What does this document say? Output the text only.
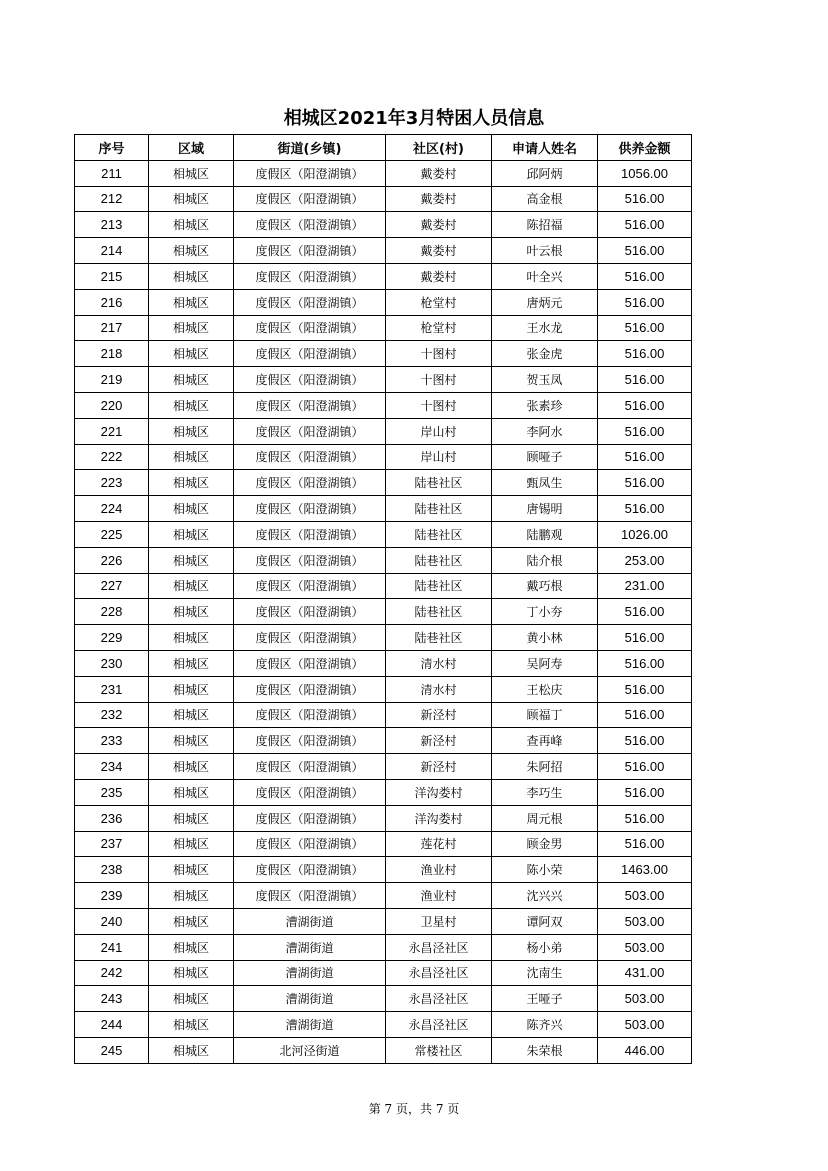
相城区2021年3月特困人员信息
序号	区域	街道(乡镇)	社区(村)	申请人姓名	供养金额
211	相城区	度假区（阳澄湖镇）	戴娄村	邱阿炳	1056.00
212	相城区	度假区（阳澄湖镇）	戴娄村	高金根	516.00
213	相城区	度假区（阳澄湖镇）	戴娄村	陈招福	516.00
214	相城区	度假区（阳澄湖镇）	戴娄村	叶云根	516.00
215	相城区	度假区（阳澄湖镇）	戴娄村	叶全兴	516.00
216	相城区	度假区（阳澄湖镇）	枪堂村	唐炳元	516.00
217	相城区	度假区（阳澄湖镇）	枪堂村	王水龙	516.00
218	相城区	度假区（阳澄湖镇）	十图村	张金虎	516.00
219	相城区	度假区（阳澄湖镇）	十图村	贺玉凤	516.00
220	相城区	度假区（阳澄湖镇）	十图村	张素珍	516.00
221	相城区	度假区（阳澄湖镇）	岸山村	李阿水	516.00
222	相城区	度假区（阳澄湖镇）	岸山村	顾哑子	516.00
223	相城区	度假区（阳澄湖镇）	陆巷社区	甄凤生	516.00
224	相城区	度假区（阳澄湖镇）	陆巷社区	唐锡明	516.00
225	相城区	度假区（阳澄湖镇）	陆巷社区	陆鹏观	1026.00
226	相城区	度假区（阳澄湖镇）	陆巷社区	陆介根	253.00
227	相城区	度假区（阳澄湖镇）	陆巷社区	戴巧根	231.00
228	相城区	度假区（阳澄湖镇）	陆巷社区	丁小夯	516.00
229	相城区	度假区（阳澄湖镇）	陆巷社区	黄小林	516.00
230	相城区	度假区（阳澄湖镇）	清水村	吴阿寿	516.00
231	相城区	度假区（阳澄湖镇）	清水村	王松庆	516.00
232	相城区	度假区（阳澄湖镇）	新泾村	顾福丁	516.00
233	相城区	度假区（阳澄湖镇）	新泾村	查再峰	516.00
234	相城区	度假区（阳澄湖镇）	新泾村	朱阿招	516.00
235	相城区	度假区（阳澄湖镇）	洋沟娄村	李巧生	516.00
236	相城区	度假区（阳澄湖镇）	洋沟娄村	周元根	516.00
237	相城区	度假区（阳澄湖镇）	莲花村	顾金男	516.00
238	相城区	度假区（阳澄湖镇）	渔业村	陈小荣	1463.00
239	相城区	度假区（阳澄湖镇）	渔业村	沈兴兴	503.00
240	相城区	漕湖街道	卫星村	谭阿双	503.00
241	相城区	漕湖街道	永昌泾社区	杨小弟	503.00
242	相城区	漕湖街道	永昌泾社区	沈南生	431.00
243	相城区	漕湖街道	永昌泾社区	王哑子	503.00
244	相城区	漕湖街道	永昌泾社区	陈齐兴	503.00
245	相城区	北河泾街道	常楼社区	朱荣根	446.00
第 7 页，共 7 页
